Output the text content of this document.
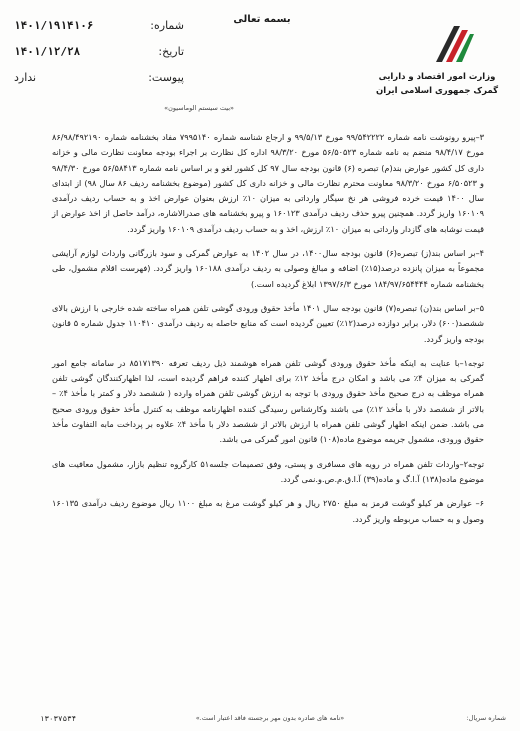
شماره:
۱۴۰۱/۱۹۱۴۱۰۶
تاریخ:
۱۴۰۱/۱۲/۲۸
پیوست:
ندارد
بسمه تعالی
وزارت امور اقتصاد و دارایی
گمرک جمهوری اسلامی ایران
«بیت سیستم الوماسیون»

۳–پیرو رونوشت نامه شماره ۹۹/۵۴۲۲۲۲ مورخ ۹۹/۵/۱۳ و ارجاع شناسه شماره ۷۹۹۵۱۴۰ مفاد بخشنامه شماره ۸۶/۹۸/۴۹۲۱۹۰ مورخ ۹۸/۴/۱۷ منضم به نامه شماره ۵۶/۵۰۵۲۳ مورخ ۹۸/۳/۲۰ اداره کل نظارت بر اجراء بودجه معاونت نظارت مالی و خزانه داری کل کشور عوارض بند(م) تبصره (۶) قانون بودجه سال ۹۷ کل کشور لغو و بر اساس نامه شماره ۵۶/۵۸۴۱۳ مورخ ۹۸/۴/۳۰ و ۶/۵۰۵۲۳ مورخ ۹۸/۳/۲۰ معاونت محترم نظارت مالی و خزانه داری کل کشور (موضوع بخشنامه ردیف ۸۶ سال ۹۸) از ابتدای سال ۱۴۰۰ قیمت خرده فروشی هر نخ سیگار وارداتی به میزان ۱۰٪ ارزش بعنوان عوارض اخذ و به حساب ردیف درآمدی ۱۶۰۱۰۹ واریز گردد. همچنین پیرو حذف ردیف درآمدی ۱۶۰۱۲۳ و پیرو بخشنامه های صدرالاشاره، درآمد حاصل از اخذ عوارض از قیمت نوشابه های گازدار وارداتی به میزان ۱۰٪ ارزش، اخذ و به حساب ردیف درآمدی ۱۶۰۱۰۹ واریز گردد.

۴–بر اساس بند(ز) تبصره(۶) قانون بودجه سال۱۴۰۰، در سال ۱۴۰۲ به عوارض گمرکی و سود بازرگانی واردات لوازم آرایشی مجموعاً به میزان پانزده درصد(۱۵٪) اضافه و مبالغ وصولی به ردیف درآمدی ۱۶۰۱۸۸ واریز گردد. (فهرست اقلام مشمول، طی بخشنامه شماره ۱۸۴/۹۷/۶۵۴۴۴۴ مورخ ۱۳۹۷/۶/۳ ابلاغ گردیده است.)

۵–بر اساس بند(ن) تبصره(۷) قانون بودجه سال ۱۴۰۱ مأخذ حقوق ورودی گوشی تلفن همراه ساخته شده خارجی با ارزش بالای ششصد(۶۰۰) دلار، برابر دوازده درصد(۱۲٪) تعیین گردیده است که منابع حاصله به ردیف درآمدی ۱۱۰۴۱۰ جدول شماره ۵ قانون بودجه واریز گردد.

توجه۱–با عنایت به اینکه مأخذ حقوق ورودی گوشی تلفن همراه هوشمند ذیل ردیف تعرفه ۸۵۱۷۱۳۹۰ در سامانه جامع امور گمرکی به میزان ۴٪ می باشد و امکان درج مأخذ ۱۲٪ برای اظهار کننده فراهم گردیده است، لذا اظهارکنندگان گوشی تلفن همراه موظف به درج صحیح مأخذ حقوق ورودی با توجه به ارزش گوشی تلفن همراه وارده ( ششصد دلار و کمتر با مأخذ ۴٪ – بالاتر از ششصد دلار با مأخذ ۱۲٪) می باشند وکارشناس رسیدگی کننده اظهارنامه موظف به کنترل مأخذ حقوق ورودی صحیح می باشد. ضمن اینکه اظهار گوشی تلفن همراه با ارزش بالاتر از ششصد دلار با مأخذ ۴٪ علاوه بر پرداخت مابه التفاوت مأخذ حقوق ورودی، مشمول جریمه موضوع ماده(۱۰۸) قانون امور گمرکی می باشد.

توجه۲–واردات تلفن همراه در رویه های مسافری و پستی، وفق تصمیمات جلسه۵۱ کارگروه تنظیم بازار، مشمول معافیت های موضوع ماده(۱۳۸) آ.ا.گ و ماده(۳۹) آ.ا.ق.م.ص.و.نمی گردد.

۶– عوارض هر کیلو گوشت قرمز به مبلغ ۲۷۵۰ ریال و هر کیلو گوشت مرغ به مبلغ ۱۱۰۰ ریال موضوع ردیف درآمدی ۱۶۰۱۳۵ وصول و به حساب مربوطه واریز گردد.

۱۳۰۳۷۵۳۴	«نامه های صادره بدون مهر برجسته فاقد اعتبار است.»	شماره سریال:
